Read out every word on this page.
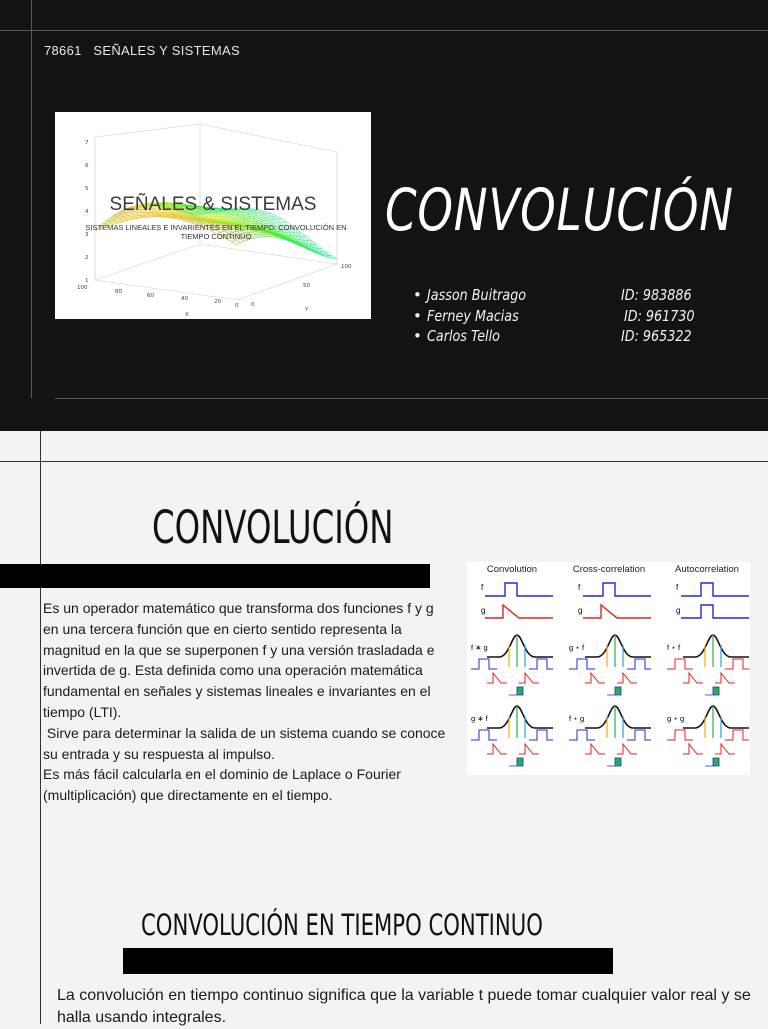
78661 SEÑALES Y SISTEMAS
7
6
5
4
3
2
1
100
80
60	40	20
0 0
50
100
X
Y
SEÑALES & SISTEMAS
SISTEMAS LINEALES E INVARIENTES EN EL TIEMPO: CONVOLUCIÓN EN TIEMPO CONTINUO	CONVOLUCIÓN
• Jasson Buitrago	ID: 983886
• Ferney Macias	ID: 961730
• Carlos Tello	ID: 965322
CONVOLUCIÓN
Es un operador matemático que transforma dos funciones f y g en una tercera función que en cierto sentido representa la magnitud en la que se superponen f y una versión trasladada e invertida de g. Esta definida como una operación matemática fundamental en señales y sistemas lineales e invariantes en el tiempo (LTI).
Sirve para determinar la salida de un sistema cuando se conoce su entrada y su respuesta al impulso.
Es más fácil calcularla en el dominio de Laplace o Fourier (multiplicación) que directamente en el tiempo.
Convolution	Cross-correlation	Autocorrelation
f	f	f
g	g	g
f ∗ g	g ⋆ f	f ⋆ f
g ∗ f	f ⋆ g	g ⋆ g
CONVOLUCIÓN EN TIEMPO CONTINUO

La convolución en tiempo continuo significa que la variable t puede tomar cualquier valor real y se halla usando integrales.
